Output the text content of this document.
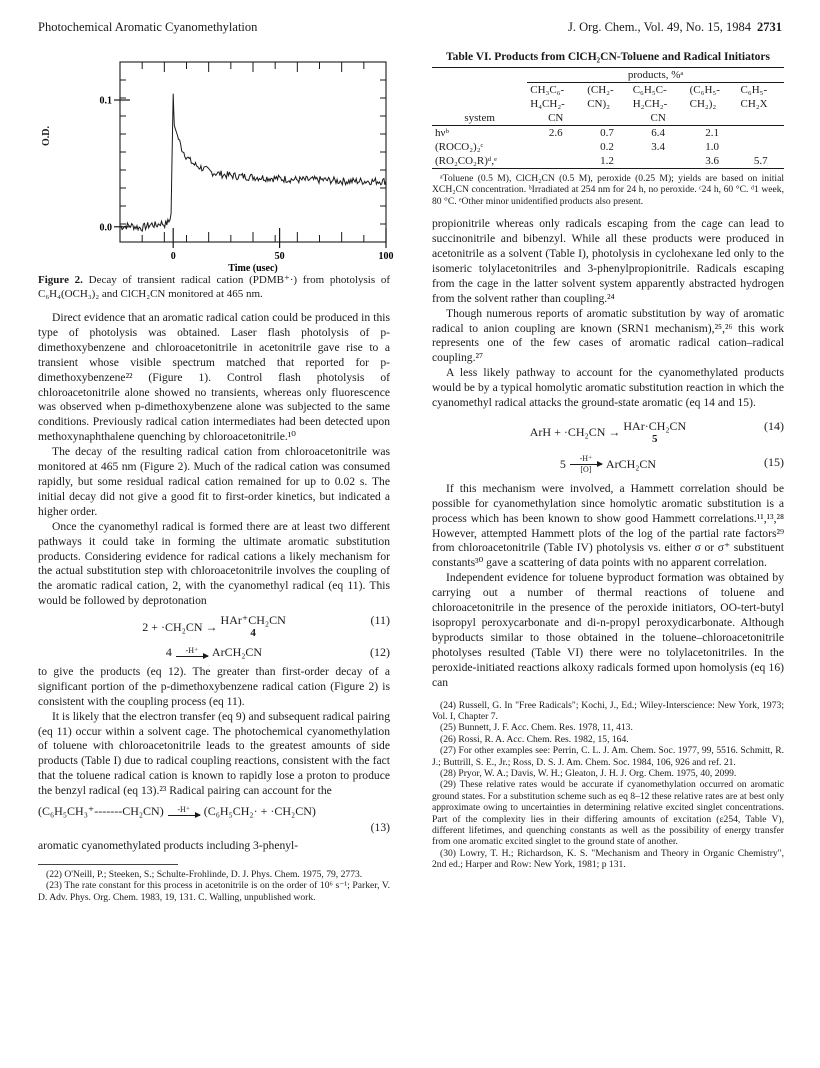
Photochemical Aromatic Cyanomethylation	J. Org. Chem., Vol. 49, No. 15, 1984 2731
0.1
0.0
0	50	100
Time (usec)
O.D.
Figure 2. Decay of transient radical cation (PDMB⁺·) from photolysis of C₆H₄(OCH₃)₂ and ClCH₂CN monitored at 465 nm.

Direct evidence that an aromatic radical cation could be produced in this type of photolysis was obtained. Laser flash photolysis of p-dimethoxybenzene and chloroacetonitrile in acetonitrile gave rise to a transient whose visible spectrum matched that reported for p-dimethoxybenzene²² (Figure 1). Control flash photolysis of chloroacetonitrile alone showed no transients, whereas only fluorescence was observed when p-dimethoxybenzene alone was subjected to the same conditions. Previously radical cation intermediates had been detected upon methoxynaphthalene quenching by chloroacetonitrile.¹⁰

The decay of the resulting radical cation from chloroacetonitrile was monitored at 465 nm (Figure 2). Much of the radical cation was consumed rapidly, but some residual radical cation remained for up to 0.02 s. The initial decay did not give a good fit to first-order kinetics, but indicated a higher order.

Once the cyanomethyl radical is formed there are at least two different pathways it could take in forming the ultimate aromatic substitution products. Considering evidence for radical cations a likely mechanism for the actual substitution step with chloroacetonitrile involves the coupling of the aromatic radical cation, 2, with the cyanomethyl radical (eq 11). This would be followed by deprotonation

2 + ·CH₂CN →
HAr⁺CH₂CN
4
(11)
4 -H⁺ ArCH₂CN	(12)

to give the products (eq 12). The greater than first-order decay of a significant portion of the p-dimethoxybenzene radical cation (Figure 2) is consistent with the coupling process (eq 11).

It is likely that the electron transfer (eq 9) and subsequent radical pairing (eq 11) occur within a solvent cage. The photochemical cyanomethylation of toluene with chloroacetonitrile leads to the greatest amounts of side products (Table I) due to radical coupling reactions, consistent with the fact that the toluene radical cation is known to rapidly lose a proton to produce the benzyl radical (eq 13).²³ Radical pairing can account for the

(C₆H₅CH₃⁺-------CH₂CN) -H⁺ (C₆H₅CH₂· + ·CH₂CN)
(13)

aromatic cyanomethylated products including 3-phenyl-

(22) O'Neill, P.; Steeken, S.; Schulte-Frohlinde, D. J. Phys. Chem. 1975, 79, 2773.

(23) The rate constant for this process in acetonitrile is on the order of 10⁶ s⁻¹; Parker, V. D. Adv. Phys. Org. Chem. 1983, 19, 131. C. Walling, unpublished work.

Table VI. Products from ClCH₂CN-Toluene and Radical Initiators
	products, %ᵃ				
	CH₃C₆-	(CH₂-	C₆H₅C-	(C₆H₅-	C₆H₅-
	H₄CH₂-	CN)₂	H₂CH₂-	CH₂)₂	CH₂X
system	CN		CN		
hνᵇ	2.6	0.7	6.4	2.1	
(ROCO₂)₂ᶜ		0.2	3.4	1.0	
(RO₂CO₂R)ᵈ,ᵉ		1.2		3.6	5.7

ᵃToluene (0.5 M), ClCH₂CN (0.5 M), peroxide (0.25 M); yields are based on initial XCH₂CN concentration. ᵇIrradiated at 254 nm for 24 h, no peroxide. ᶜ24 h, 60 °C. ᵈ1 week, 80 °C. ᵉOther minor unidentified products also present.

propionitrile whereas only radicals escaping from the cage can lead to succinonitrile and bibenzyl. While all these products were produced in acetonitrile as a solvent (Table I), photolysis in cyclohexane led only to the isomeric tolylacetonitriles and 3-phenylpropionitrile. Radicals escaping from the cage in the latter solvent system apparently abstracted hydrogen from the solvent rather than coupling.²⁴

Though numerous reports of aromatic substitution by way of aromatic radical to anion coupling are known (SRN1 mechanism),²⁵,²⁶ this work represents one of the few cases of aromatic radical cation–radical coupling.²⁷

A less likely pathway to account for the cyanomethylated products would be by a typical homolytic aromatic substitution reaction in which the cyanomethyl radical attacks the ground-state aromatic (eq 14 and 15).

ArH + ·CH₂CN →
HAr·CH₂CN
5
(14)
5 -H⁺
[O] ArCH₂CN	(15)

If this mechanism were involved, a Hammett correlation should be possible for cyanomethylation since homolytic aromatic substitution is a process which has been known to show good Hammett correlations.¹¹,¹³,²⁸ However, attempted Hammett plots of the log of the partial rate factors²⁹ from chloroacetonitrile (Table IV) photolysis vs. either σ or σ⁺ substituent constants³⁰ gave a scattering of data points with no apparent correlation.

Independent evidence for toluene byproduct formation was obtained by carrying out a number of thermal reactions of toluene and chloroacetonitrile in the presence of the peroxide initiators, OO-tert-butyl isopropyl peroxycarbonate and di-n-propyl peroxydicarbonate. Although byproducts similar to those obtained in the toluene–chloroacetonitrile photolyses resulted (Table VI) there were no tolylacetonitriles. In the peroxide-initiated reactions alkoxy radicals formed upon homolysis (eq 16) can

(24) Russell, G. In "Free Radicals"; Kochi, J., Ed.; Wiley-Interscience: New York, 1973; Vol. I, Chapter 7.

(25) Bunnett, J. F. Acc. Chem. Res. 1978, 11, 413.

(26) Rossi, R. A. Acc. Chem. Res. 1982, 15, 164.

(27) For other examples see: Perrin, C. L. J. Am. Chem. Soc. 1977, 99, 5516. Schmitt, R. J.; Buttrill, S. E., Jr.; Ross, D. S. J. Am. Chem. Soc. 1984, 106, 926 and ref. 21.

(28) Pryor, W. A.; Davis, W. H.; Gleaton, J. H. J. Org. Chem. 1975, 40, 2099.

(29) These relative rates would be accurate if cyanomethylation occurred on aromatic ground states. For a substitution scheme such as eq 8–12 these relative rates are at best only approximate owing to uncertainties in determining relative excited singlet concentrations. Part of the complexity lies in their differing amounts of excitation (ε254, Table V), different lifetimes, and quenching constants as well as the possibility of energy transfer from one aromatic excited singlet to the ground state of another.

(30) Lowry, T. H.; Richardson, K. S. "Mechanism and Theory in Organic Chemistry", 2nd ed.; Harper and Row: New York, 1981; p 131.
